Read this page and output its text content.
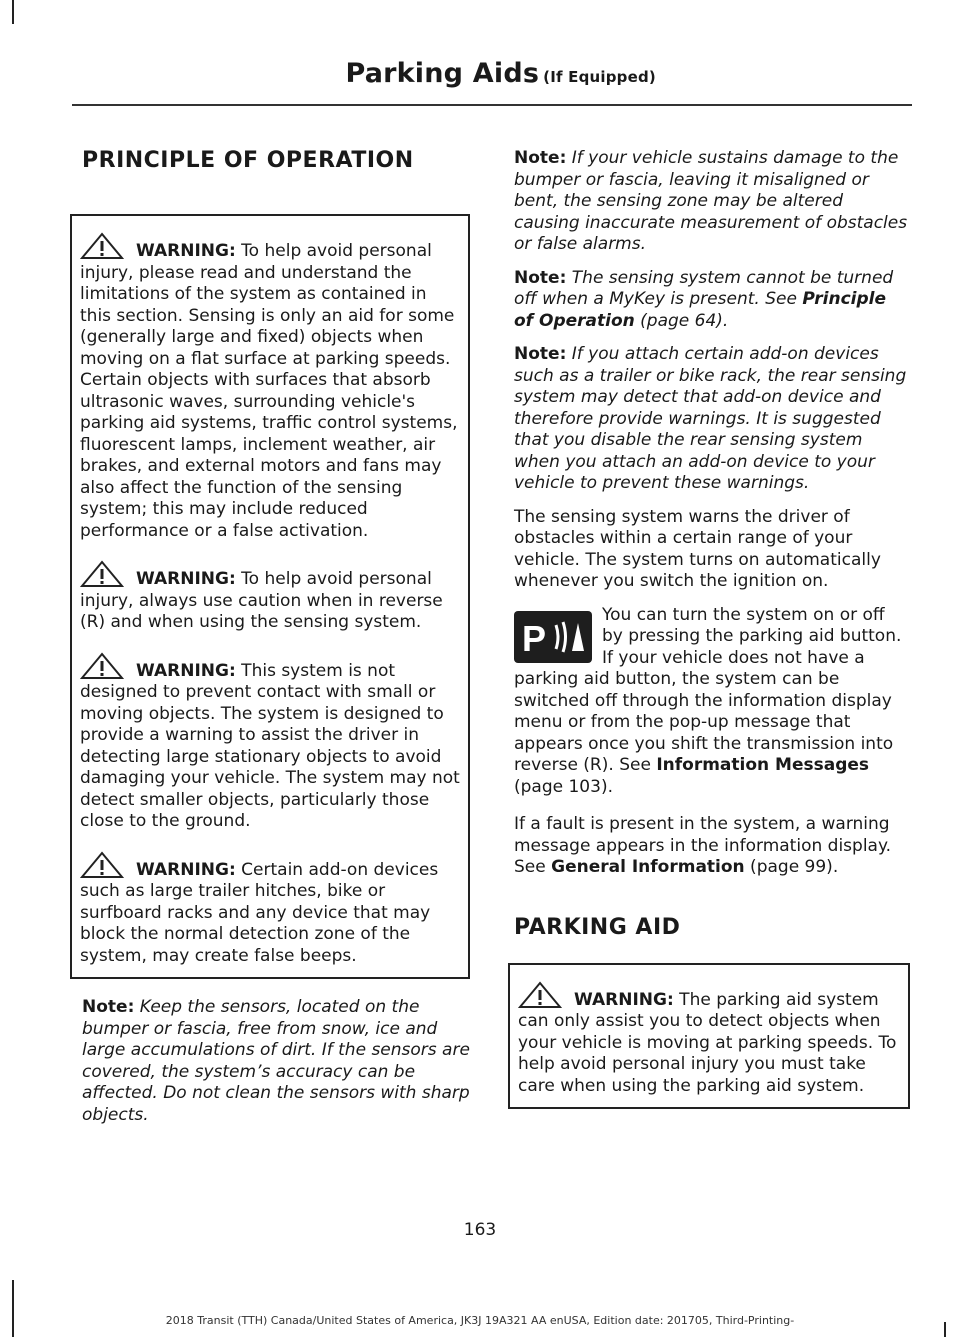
Parking Aids (If Equipped)
PRINCIPLE OF OPERATION
WARNING: To help avoid personal injury, please read and understand the limitations of the system as contained in this section. Sensing is only an aid for some (generally large and fixed) objects when moving on a flat surface at parking speeds. Certain objects with surfaces that absorb ultrasonic waves, surrounding vehicle's parking aid systems, traffic control systems, fluorescent lamps, inclement weather, air brakes, and external motors and fans may also affect the function of the sensing system; this may include reduced performance or a false activation.
WARNING: To help avoid personal injury, always use caution when in reverse (R) and when using the sensing system.
WARNING: This system is not designed to prevent contact with small or moving objects. The system is designed to provide a warning to assist the driver in detecting large stationary objects to avoid damaging your vehicle. The system may not detect smaller objects, particularly those close to the ground.
WARNING: Certain add-on devices such as large trailer hitches, bike or surfboard racks and any device that may block the normal detection zone of the system, may create false beeps.

Note: Keep the sensors, located on the bumper or fascia, free from snow, ice and large accumulations of dirt. If the sensors are covered, the system’s accuracy can be affected. Do not clean the sensors with sharp objects.

Note: If your vehicle sustains damage to the bumper or fascia, leaving it misaligned or bent, the sensing zone may be altered causing inaccurate measurement of obstacles or false alarms.

Note: The sensing system cannot be turned off when a MyKey is present. See Principle of Operation (page 64).

Note: If you attach certain add-on devices such as a trailer or bike rack, the rear sensing system may detect that add-on device and therefore provide warnings. It is suggested that you disable the rear sensing system when you attach an add-on device to your vehicle to prevent these warnings.

The sensing system warns the driver of obstacles within a certain range of your vehicle. The system turns on automatically whenever you switch the ignition on.

P

You can turn the system on or off by pressing the parking aid button. If your vehicle does not have a parking aid button, the system can be switched off through the information display menu or from the pop-up message that appears once you shift the transmission into reverse (R). See Information Messages (page 103).

If a fault is present in the system, a warning message appears in the information display. See General Information (page 99).

PARKING AID
WARNING: The parking aid system can only assist you to detect objects when your vehicle is moving at parking speeds. To help avoid personal injury you must take care when using the parking aid system.
163
2018 Transit (TTH) Canada/United States of America, JK3J 19A321 AA enUSA, Edition date: 201705, Third-Printing-
